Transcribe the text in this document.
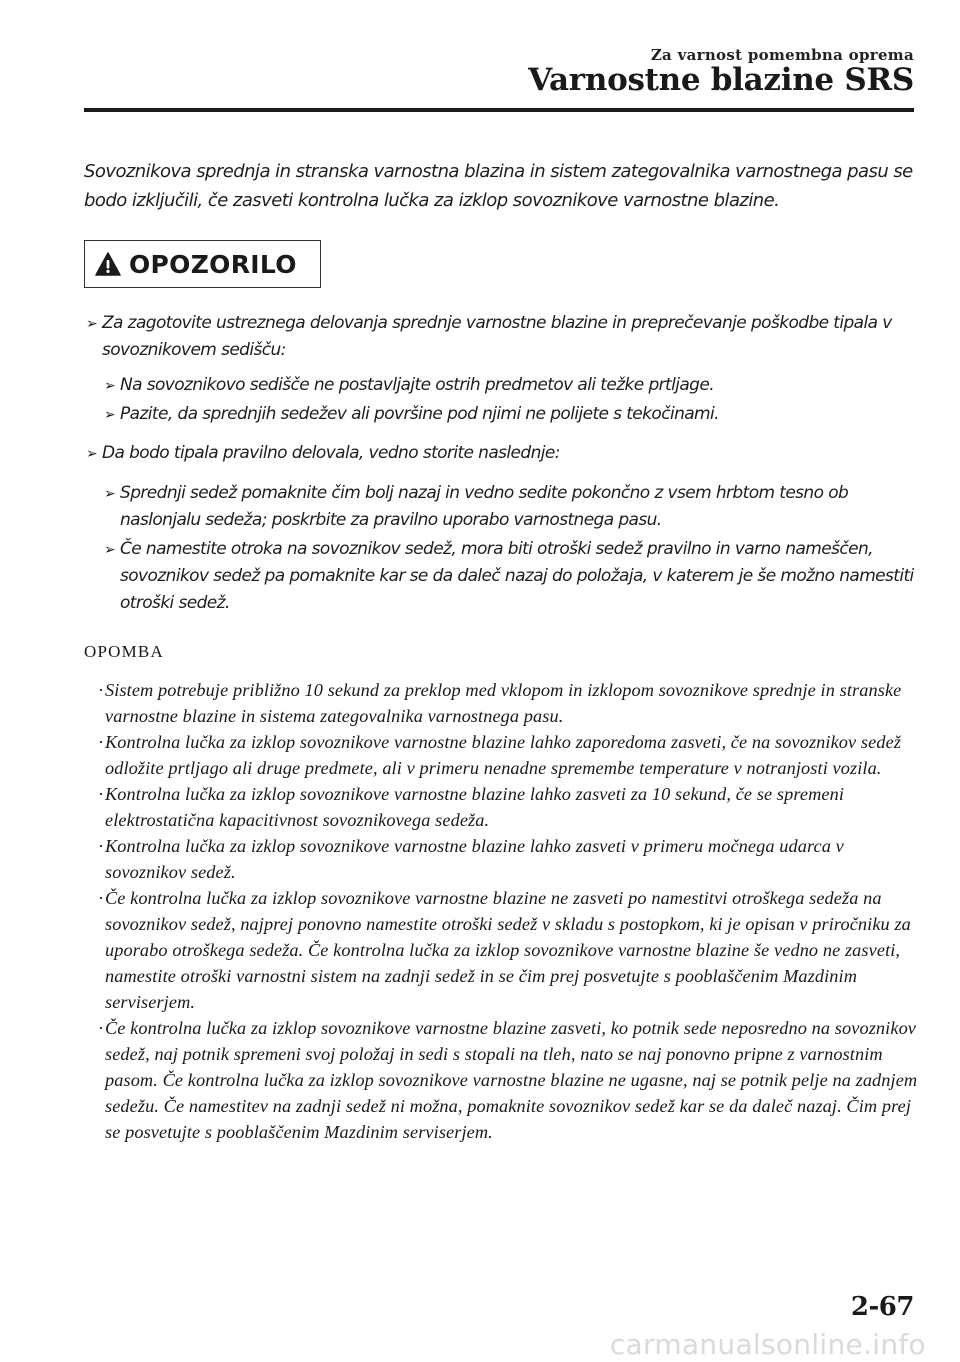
Za varnost pomembna oprema
Varnostne blazine SRS

Sovoznikova sprednja in stranska varnostna blazina in sistem zategovalnika varnostnega pasu se bodo izključili, če zasveti kontrolna lučka za izklop sovoznikove varnostne blazine.

OPOZORILO
➢ Za zagotovite ustreznega delovanja sprednje varnostne blazine in preprečevanje poškodbe tipala v sovoznikovem sedišču:

➢ Na sovoznikovo sedišče ne postavljajte ostrih predmetov ali težke prtljage.

➢ Pazite, da sprednjih sedežev ali površine pod njimi ne polijete s tekočinami.

➢ Da bodo tipala pravilno delovala, vedno storite naslednje:

➢ Sprednji sedež pomaknite čim bolj nazaj in vedno sedite pokončno z vsem hrbtom tesno ob naslonjalu sedeža; poskrbite za pravilno uporabo varnostnega pasu.

➢ Če namestite otroka na sovoznikov sedež, mora biti otroški sedež pravilno in varno nameščen, sovoznikov sedež pa pomaknite kar se da daleč nazaj do položaja, v katerem je še možno namestiti otroški sedež.

OPOMBA
· Sistem potrebuje približno 10 sekund za preklop med vklopom in izklopom sovoznikove sprednje in stranske varnostne blazine in sistema zategovalnika varnostnega pasu.

· Kontrolna lučka za izklop sovoznikove varnostne blazine lahko zaporedoma zasveti, če na sovoznikov sedež odložite prtljago ali druge predmete, ali v primeru nenadne spremembe temperature v notranjosti vozila.

· Kontrolna lučka za izklop sovoznikove varnostne blazine lahko zasveti za 10 sekund, če se spremeni elektrostatična kapacitivnost sovoznikovega sedeža.

· Kontrolna lučka za izklop sovoznikove varnostne blazine lahko zasveti v primeru močnega udarca v sovoznikov sedež.

· Če kontrolna lučka za izklop sovoznikove varnostne blazine ne zasveti po namestitvi otroškega sedeža na sovoznikov sedež, najprej ponovno namestite otroški sedež v skladu s postopkom, ki je opisan v priročniku za uporabo otroškega sedeža. Če kontrolna lučka za izklop sovoznikove varnostne blazine še vedno ne zasveti, namestite otroški varnostni sistem na zadnji sedež in se čim prej posvetujte s pooblaščenim Mazdinim serviserjem.

· Če kontrolna lučka za izklop sovoznikove varnostne blazine zasveti, ko potnik sede neposredno na sovoznikov sedež, naj potnik spremeni svoj položaj in sedi s stopali na tleh, nato se naj ponovno pripne z varnostnim pasom. Če kontrolna lučka za izklop sovoznikove varnostne blazine ne ugasne, naj se potnik pelje na zadnjem sedežu. Če namestitev na zadnji sedež ni možna, pomaknite sovoznikov sedež kar se da daleč nazaj. Čim prej se posvetujte s pooblaščenim Mazdinim serviserjem.

2-67
carmanualsonline.info
